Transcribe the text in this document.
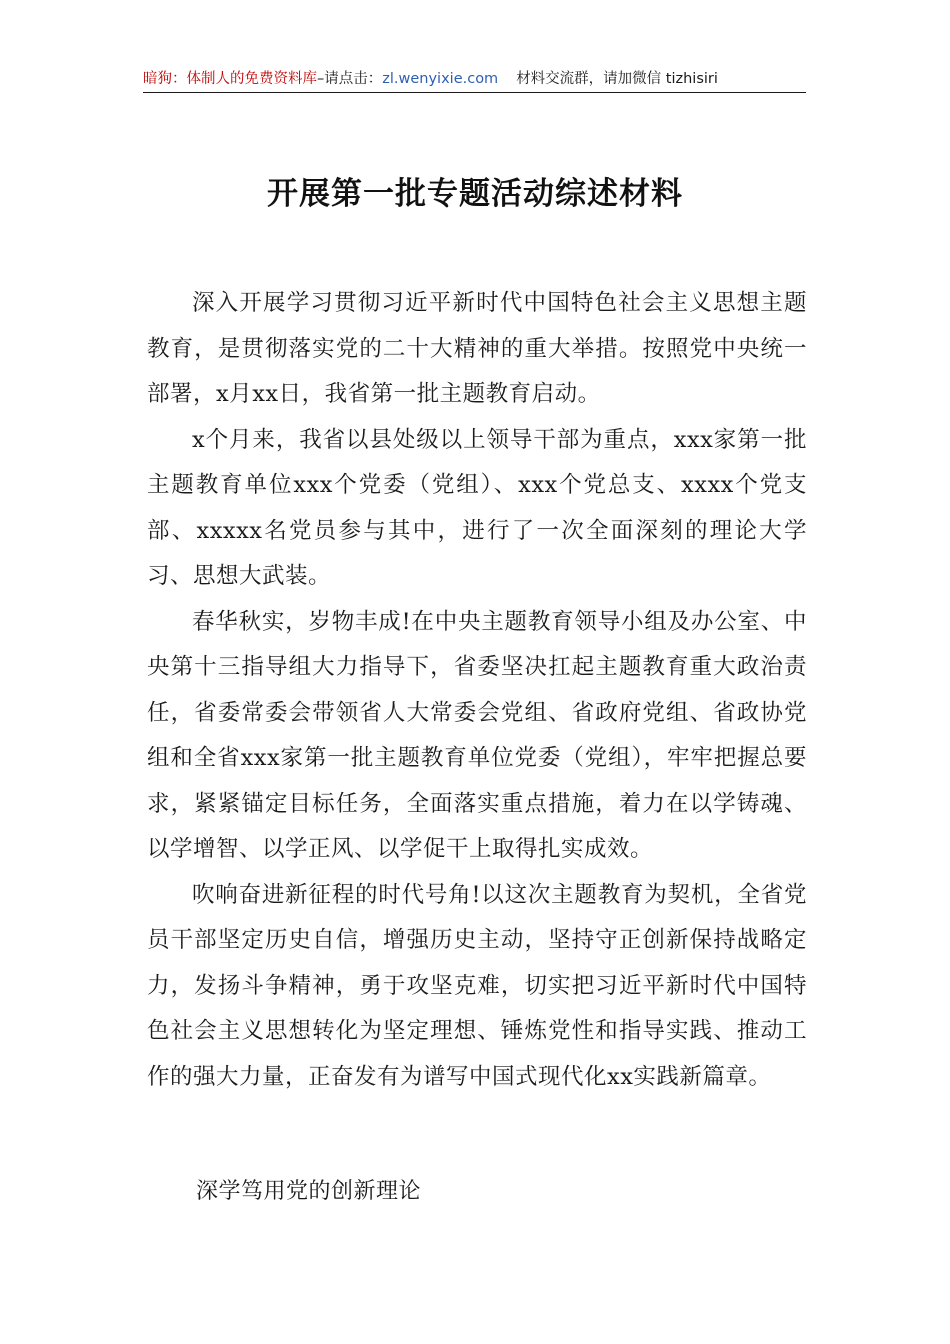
暗狗：体制人的免费资料库 –请点击： zl.wenyixie.com 材料交流群，请加微信 tizhisiri
开展第一批专题活动综述材料

深入开展学习贯彻习近平新时代中国特色社会主义思想主题教育，是贯彻落实党的二十大精神的重大举措。按照党中央统一部署，x月xx日，我省第一批主题教育启动。

x个月来，我省以县处级以上领导干部为重点，xxx家第一批主题教育单位xxx个党委（党组）、xxx个党总支、xxxx个党支部、xxxxx名党员参与其中，进行了一次全面深刻的理论大学习、思想大武装。

春华秋实，岁物丰成!在中央主题教育领导小组及办公室、中央第十三指导组大力指导下，省委坚决扛起主题教育重大政治责任，省委常委会带领省人大常委会党组、省政府党组、省政协党组和全省xxx家第一批主题教育单位党委（党组），牢牢把握总要求，紧紧锚定目标任务，全面落实重点措施，着力在以学铸魂、以学增智、以学正风、以学促干上取得扎实成效。

吹响奋进新征程的时代号角!以这次主题教育为契机，全省党员干部坚定历史自信，增强历史主动，坚持守正创新保持战略定力，发扬斗争精神，勇于攻坚克难，切实把习近平新时代中国特色社会主义思想转化为坚定理想、锤炼党性和指导实践、推动工作的强大力量，正奋发有为谱写中国式现代化xx实践新篇章。

深学笃用党的创新理论
